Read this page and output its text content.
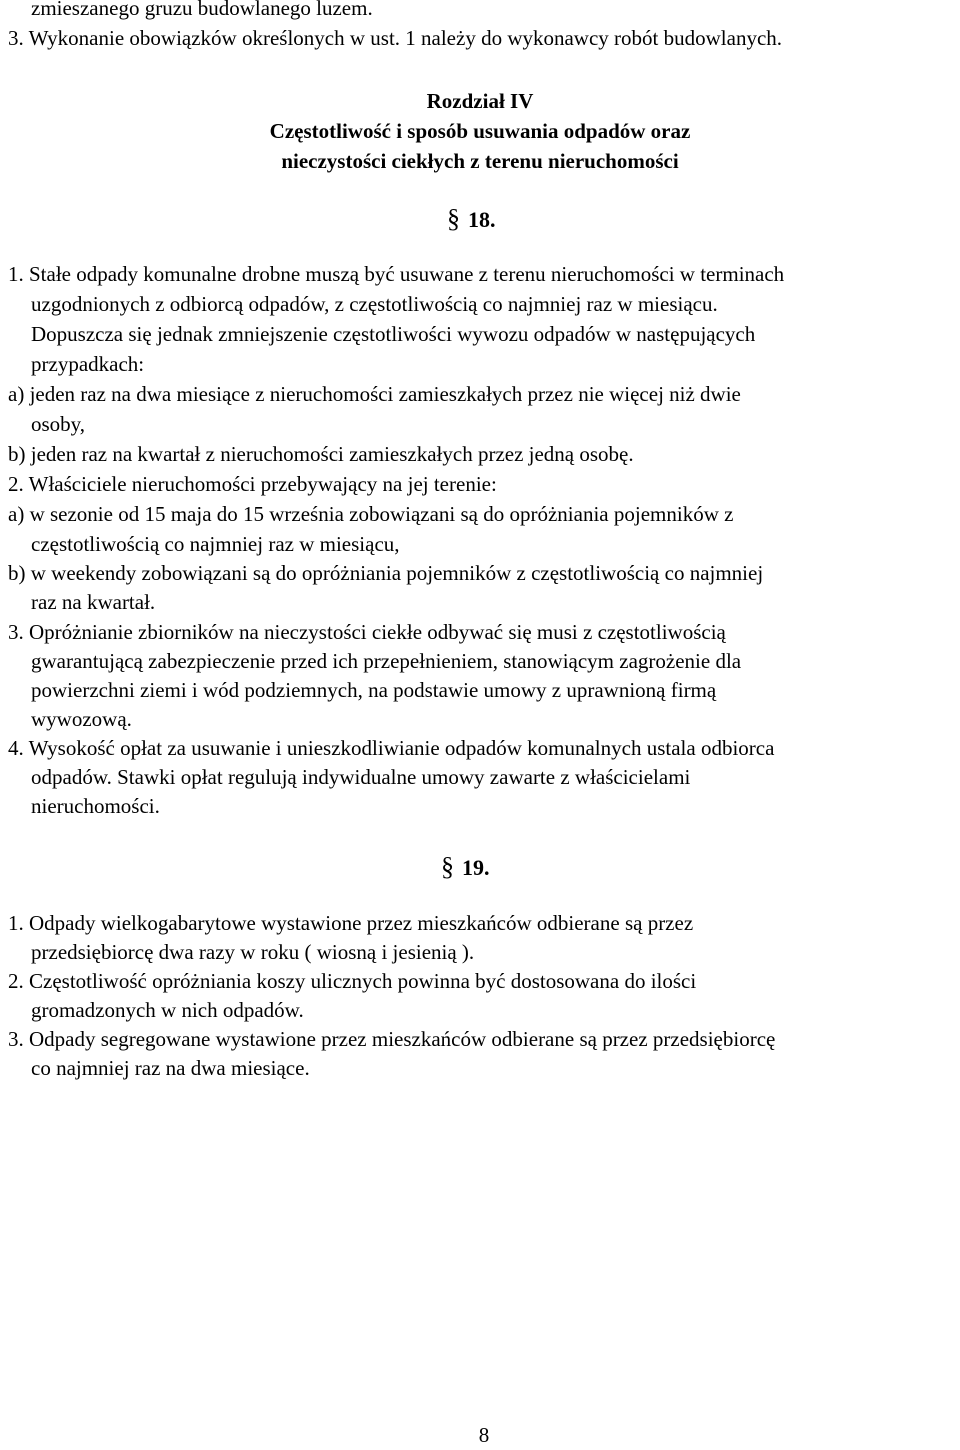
zmieszanego gruzu budowlanego luzem.
3. Wykonanie obowiązków określonych w ust. 1 należy do wykonawcy robót budowlanych.
Rozdział IV
Częstotliwość i sposób usuwania odpadów oraz
nieczystości ciekłych z terenu nieruchomości
§ 18.
1. Stałe odpady komunalne drobne muszą być usuwane z terenu nieruchomości w terminach
uzgodnionych z odbiorcą odpadów, z częstotliwością co najmniej raz w miesiącu.
Dopuszcza się jednak zmniejszenie częstotliwości wywozu odpadów w następujących
przypadkach:
a) jeden raz na dwa miesiące z nieruchomości zamieszkałych przez nie więcej niż dwie
osoby,
b) jeden raz na kwartał z nieruchomości zamieszkałych przez jedną osobę.
2. Właściciele nieruchomości przebywający na jej terenie:
a) w sezonie od 15 maja do 15 września zobowiązani są do opróżniania pojemników z
częstotliwością co najmniej raz w miesiącu,
b) w weekendy zobowiązani są do opróżniania pojemników z częstotliwością co najmniej
raz na kwartał.
3. Opróżnianie zbiorników na nieczystości ciekłe odbywać się musi z częstotliwością
gwarantującą zabezpieczenie przed ich przepełnieniem, stanowiącym zagrożenie dla
powierzchni ziemi i wód podziemnych, na podstawie umowy z uprawnioną firmą
wywozową.
4. Wysokość opłat za usuwanie i unieszkodliwianie odpadów komunalnych ustala odbiorca
odpadów. Stawki opłat regulują indywidualne umowy zawarte z właścicielami
nieruchomości.
§ 19.
1. Odpady wielkogabarytowe wystawione przez mieszkańców odbierane są przez
przedsiębiorcę dwa razy w roku ( wiosną i jesienią ).
2. Częstotliwość opróżniania koszy ulicznych powinna być dostosowana do ilości
gromadzonych w nich odpadów.
3. Odpady segregowane wystawione przez mieszkańców odbierane są przez przedsiębiorcę
co najmniej raz na dwa miesiące.
8
